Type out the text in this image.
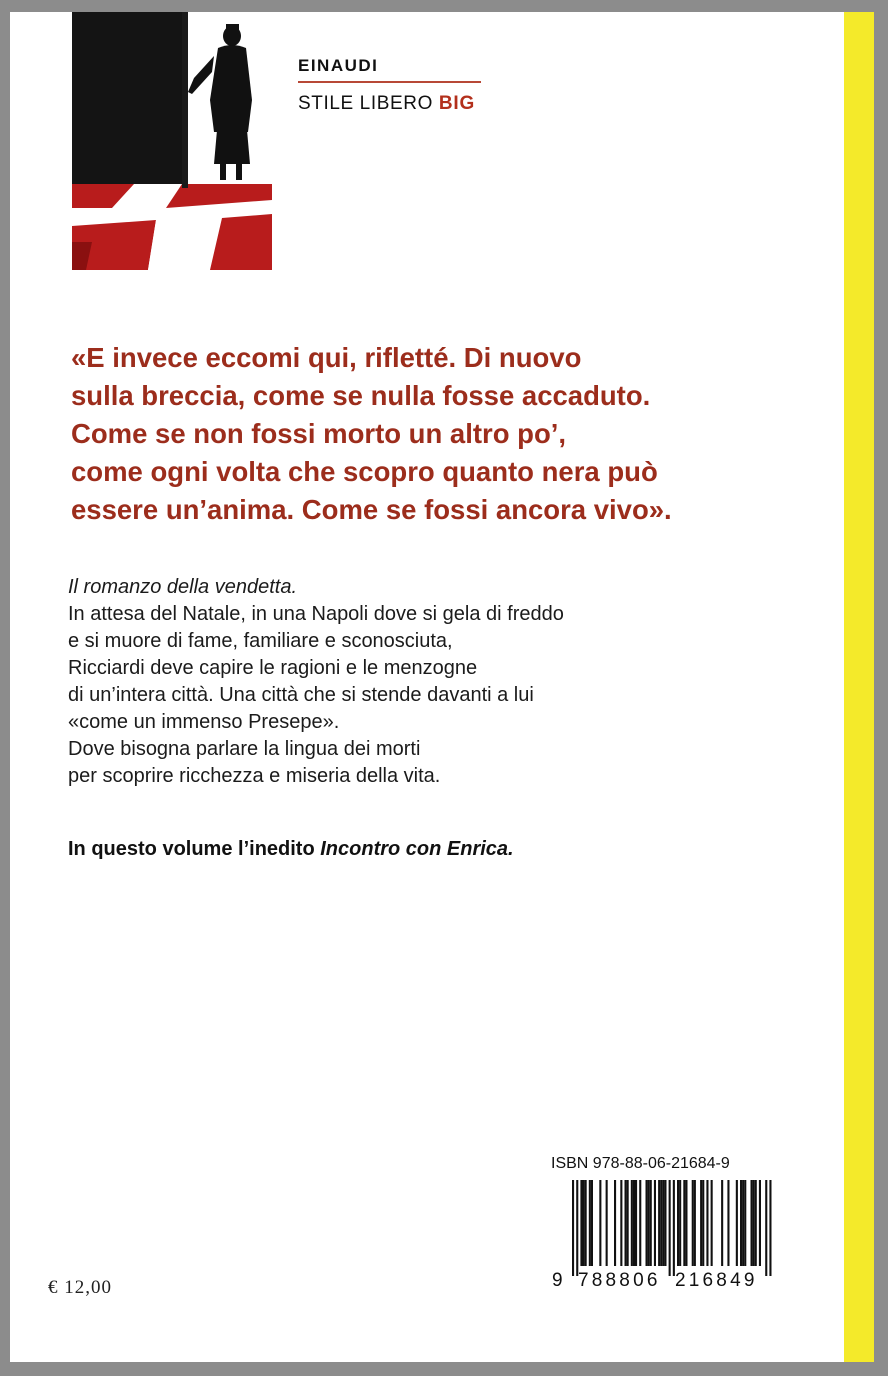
EINAUDI
STILE LIBERO BIG
«E invece eccomi qui, rifletté. Di nuovo
sulla breccia, come se nulla fosse accaduto.
Come se non fossi morto un altro po’,
come ogni volta che scopro quanto nera può
essere un’anima. Come se fossi ancora vivo».
Il romanzo della vendetta.
In attesa del Natale, in una Napoli dove si gela di freddo
e si muore di fame, familiare e sconosciuta,
Ricciardi deve capire le ragioni e le menzogne
di un’intera città. Una città che si stende davanti a lui
«come un immenso Presepe».
Dove bisogna parlare la lingua dei morti
per scoprire ricchezza e miseria della vita.
In questo volume l’inedito Incontro con Enrica.
ISBN 978-88-06-21684-9
9 788806 216849
€ 12,00
